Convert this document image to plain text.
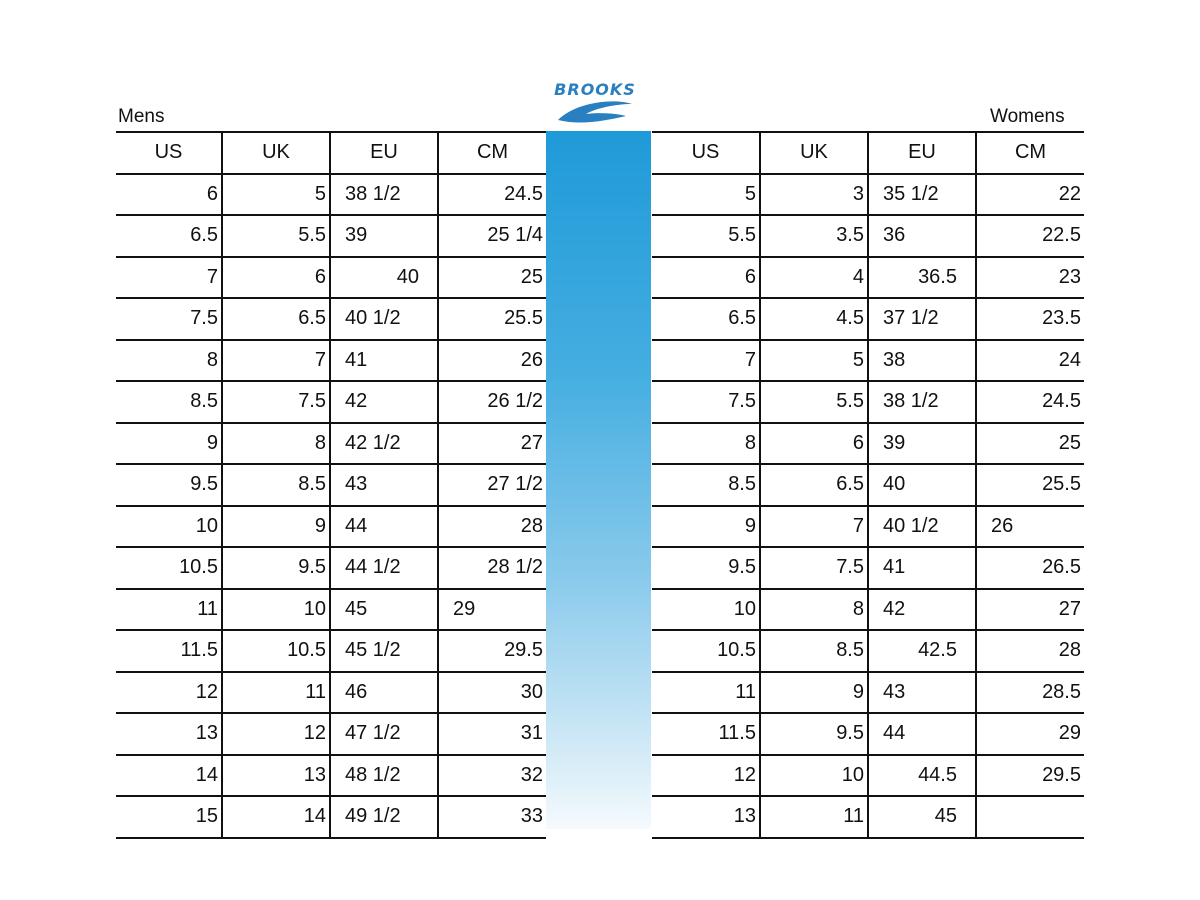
BROOKS
Mens	Womens
US	UK	EU	CM
6	5	38 1/2	24.5
6.5	5.5	39	25 1/4
7	6	40	25
7.5	6.5	40 1/2	25.5
8	7	41	26
8.5	7.5	42	26 1/2
9	8	42 1/2	27
9.5	8.5	43	27 1/2
10	9	44	28
10.5	9.5	44 1/2	28 1/2
11	10	45	29
11.5	10.5	45 1/2	29.5
12	11	46	30
13	12	47 1/2	31
14	13	48 1/2	32
15	14	49 1/2	33
US	UK	EU	CM
5	3	35 1/2	22
5.5	3.5	36	22.5
6	4	36.5	23
6.5	4.5	37 1/2	23.5
7	5	38	24
7.5	5.5	38 1/2	24.5
8	6	39	25
8.5	6.5	40	25.5
9	7	40 1/2	26
9.5	7.5	41	26.5
10	8	42	27
10.5	8.5	42.5	28
11	9	43	28.5
11.5	9.5	44	29
12	10	44.5	29.5
13	11	45	
